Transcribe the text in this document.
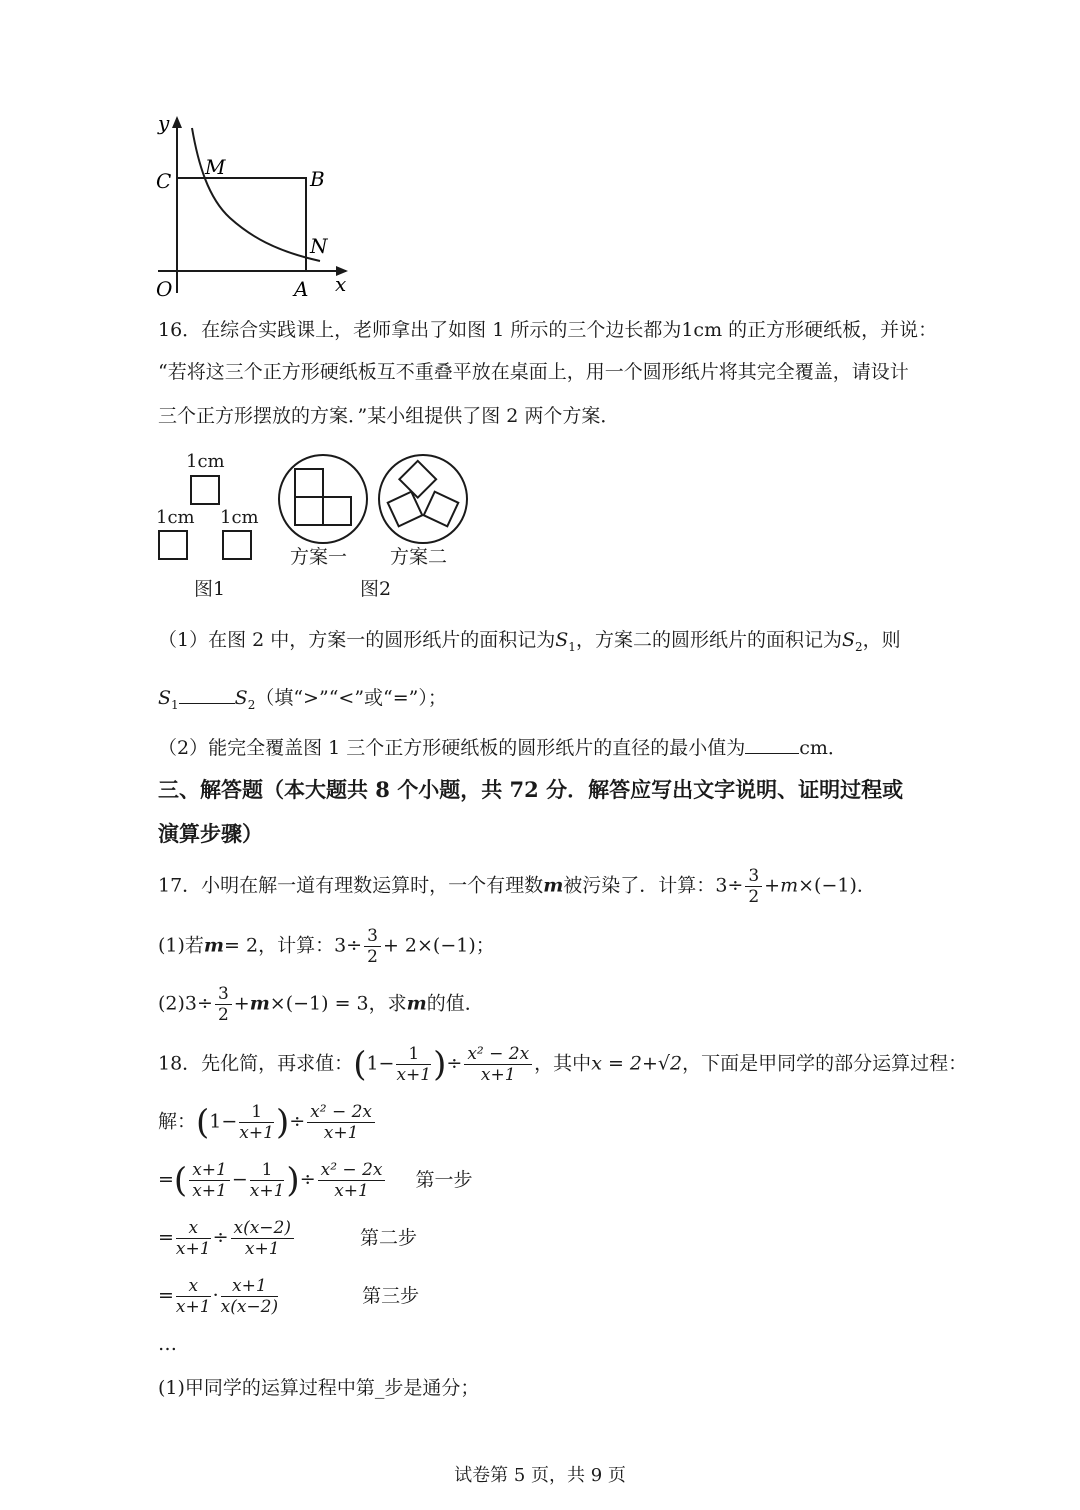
y
C
M	B
N
O	A x
16．在综合实践课上，老师拿出了如图 1 所示的三个边长都为1cm 的正方形硬纸板，并说：
“若将这三个正方形硬纸板互不重叠平放在桌面上，用一个圆形纸片将其完全覆盖，请设计
三个正方形摆放的方案．”某小组提供了图 2 两个方案．
1cm
1cm 1cm
图1
方案一 方案二
图2
（1）在图 2 中，方案一的圆形纸片的面积记为$S_1$，方案二的圆形纸片的面积记为$S_2$，则
$S_1$	$S_2$（填“>”“<”或“=”）；
（2）能完全覆盖图 1 三个正方形硬纸板的圆形纸片的直径的最小值为	cm．
三、解答题（本大题共 8 个小题，共 72 分．解答应写出文字说明、证明过程或
演算步骤）
17．小明在解一道有理数运算时，一个有理数m被污染了．计算：$3\div \frac{3}{2} +m\times(-1)$．
(1)若m= 2，计算：$3\div \frac{3}{2} + 2\times(-1)$；
$(2)3\div \frac{3}{2} +m\times(-1) = 3$，求m的值．
18．先化简，再求值：($1- \frac{1}{x+1}$ )÷ $\frac{\text{x² − 2x}}{x+1}$ ，其中x = 2+√2，下面是甲同学的部分运算过程：
解：($1- \frac{1}{x+1}$ )÷ $\frac{\text{x² − 2x}}{x+1}$
=( $\frac{x+1}{x+1} - \frac{1}{x+1}$ )÷ $\frac{\text{x² − 2x}}{x+1}$ 第一步
= $\frac{x}{x+1} \div \frac{x(x-2)}{x+1}$	第二步
= $\frac{x}{x+1} \cdot \frac{x+1}{x(x-2)}$	第三步
…
(1)甲同学的运算过程中第_步是通分；
试卷第 5 页，共 9 页
